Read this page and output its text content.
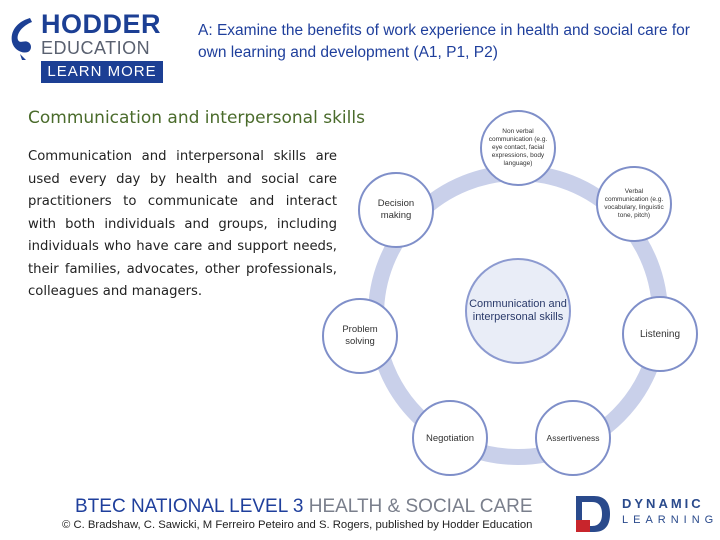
HODDER
EDUCATION
LEARN MORE
A: Examine the benefits of work experience in health and social care for own learning and development (A1, P1, P2)
Communication and interpersonal skills
Communication and interpersonal skills are used every day by health and social care practitioners to communicate and interact with both individuals and groups, including individuals who have care and support needs, their families, advocates, other professionals, colleagues and managers.
Communication and interpersonal skills
Non verbal communication (e.g. eye contact, facial expressions, body language)
Verbal communication (e.g. vocabulary, linguistic tone, pitch)
Listening
Assertiveness
Negotiation
Problem solving
Decision making
BTEC NATIONAL LEVEL 3 HEALTH & SOCIAL CARE
© C. Bradshaw, C. Sawicki, M Ferreiro Peteiro and S. Rogers, published by Hodder Education
DYNAMIC
LEARNING
